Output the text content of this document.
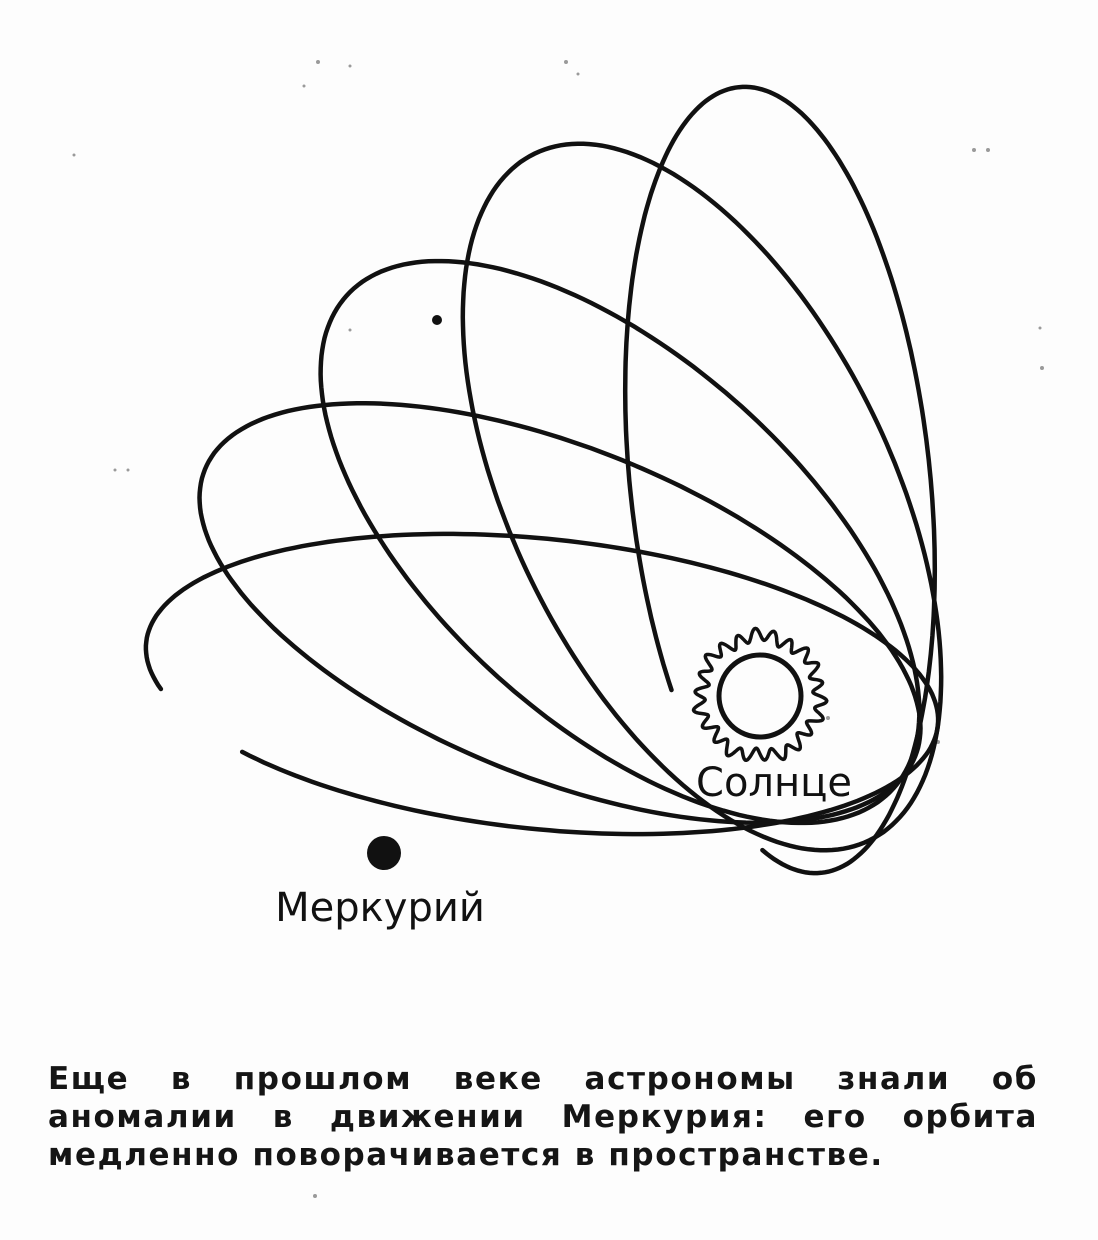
Солнце
Меркурий

Еще в прошлом веке астрономы знали об аномалии в движении Меркурия: его орбита медленно поворачивается в пространстве.
